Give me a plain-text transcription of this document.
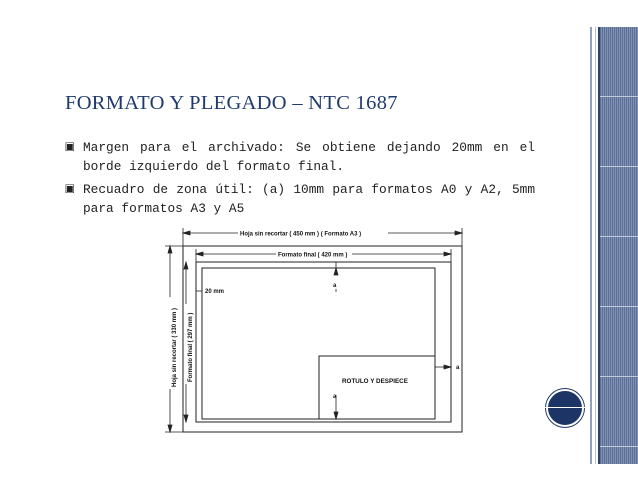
FORMATO Y PLEGADO – NTC 1687
🞕 Margen para el archivado: Se obtiene dejando 20mm en el borde izquierdo del formato final.
🞕 Recuadro de zona útil: (a) 10mm para formatos A0 y A2, 5mm para formatos A3 y A5
Hoja sin recortar ( 450 mm ) ( Formato A3 )
Formato final ( 420 mm )
20 mm
a
a
a
ROTULO Y DESPIECE
Hoja sin recortar ( 330 mm ) Formato final ( 297 mm )
